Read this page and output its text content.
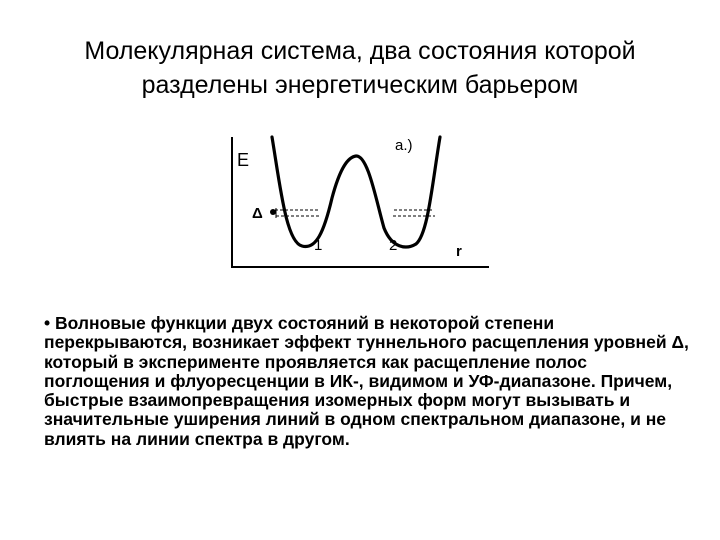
Молекулярная система, два состояния которой
разделены энергетическим барьером
a.)
E
Δ
1	2	r

• Волновые функции двух состояний в некоторой степени перекрываются, возникает эффект туннельного расщепления уровней Δ, который в эксперименте проявляется как расщепление полос поглощения и флуоресценции в ИК-, видимом и УФ-диапазоне. Причем, быстрые взаимопревращения изомерных форм могут вызывать и значительные уширения линий в одном спектральном диапазоне, и не влиять на линии спектра в другом.
